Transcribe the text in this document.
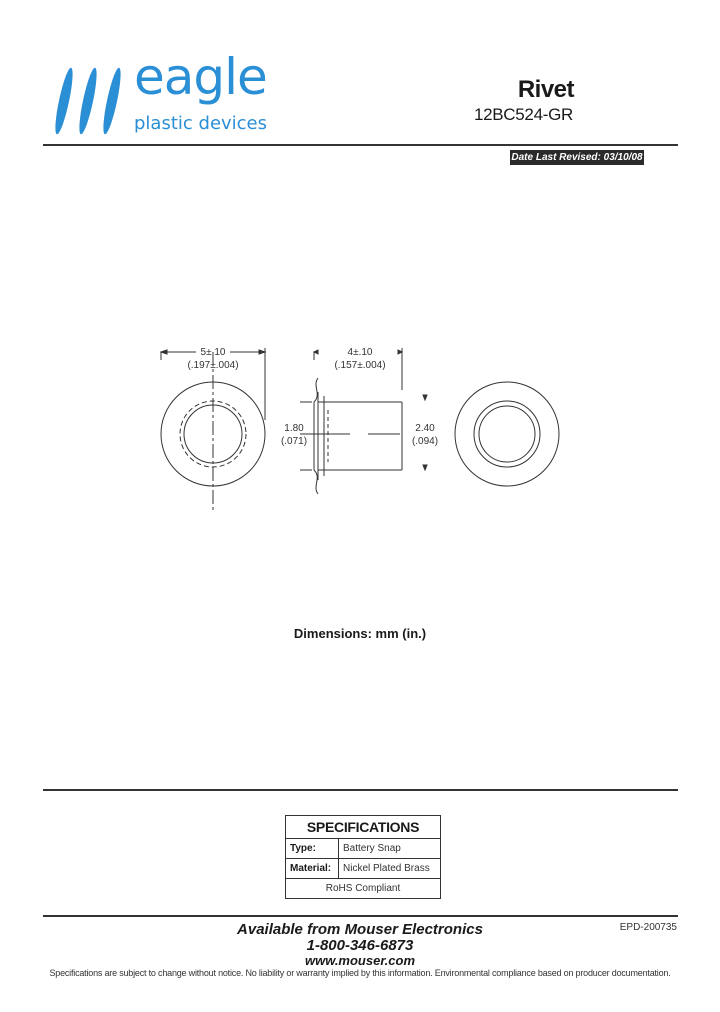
eagle
plastic devices
Rivet
12BC524-GR
Date Last Revised: 03/10/08
5±.10
(.197±.004)
4±.10
(.157±.004)
1.80
(.071)
2.40
(.094)
Dimensions: mm (in.)
SPECIFICATIONS
Type:	Battery Snap
Material:	Nickel Plated Brass
RoHS Compliant
Available from Mouser Electronics
1-800-346-6873
www.mouser.com
EPD-200735
Specifications are subject to change without notice. No liability or warranty implied by this information. Environmental compliance based on producer documentation.
